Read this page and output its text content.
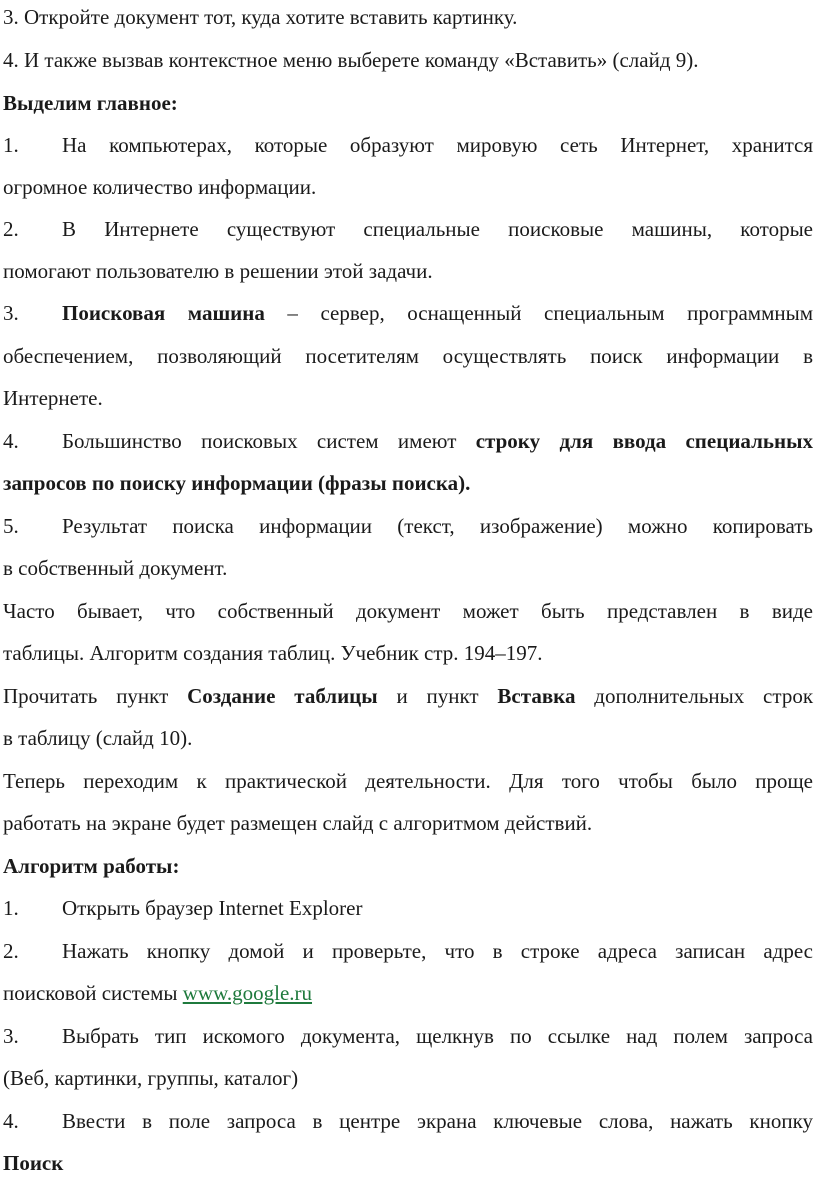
3. Откройте документ тот, куда хотите вставить картинку.
4. И также вызвав контекстное меню выберете команду «Вставить» (слайд 9).
Выделим главное:
1. На компьютерах, которые образуют мировую сеть Интернет, хранится
огромное количество информации.
2. В Интернете существуют специальные поисковые машины, которые
помогают пользователю в решении этой задачи.
3. Поисковая машина – сервер, оснащенный специальным программным
обеспечением, позволяющий посетителям осуществлять поиск информации в
Интернете.
4. Большинство поисковых систем имеют строку для ввода специальных
запросов по поиску информации (фразы поиска).
5. Результат поиска информации (текст, изображение) можно копировать
в собственный документ.
Часто бывает, что собственный документ может быть представлен в виде
таблицы. Алгоритм создания таблиц. Учебник стр. 194–197.
Прочитать пункт Создание таблицы и пункт Вставка дополнительных строк
в таблицу (слайд 10).
Теперь переходим к практической деятельности. Для того чтобы было проще
работать на экране будет размещен слайд с алгоритмом действий.
Алгоритм работы:
1. Открыть браузер Internet Explorer
2. Нажать кнопку домой и проверьте, что в строке адреса записан адрес
поисковой системы www.google.ru
3. Выбрать тип искомого документа, щелкнув по ссылке над полем запроса
(Веб, картинки, группы, каталог)
4. Ввести в поле запроса в центре экрана ключевые слова, нажать кнопку
Поиск
